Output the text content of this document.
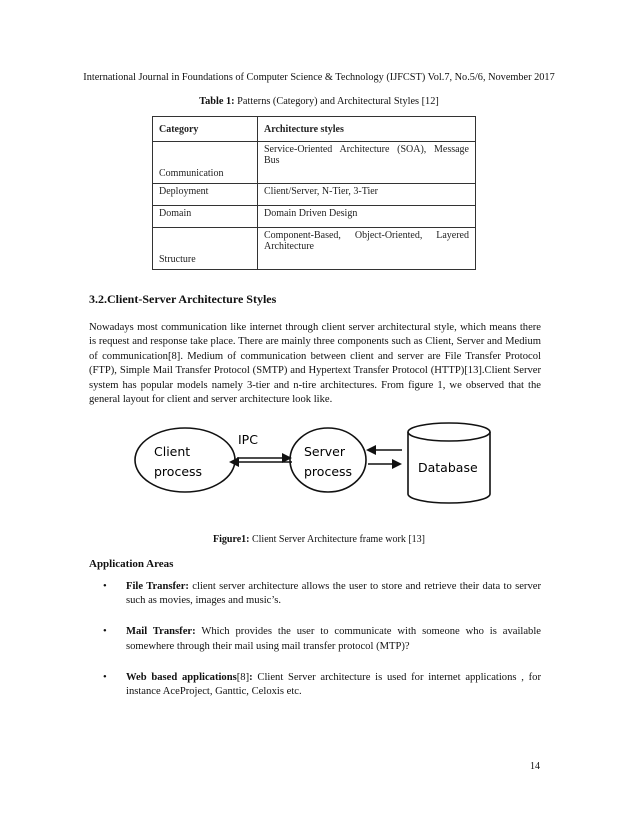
International Journal in Foundations of Computer Science & Technology (IJFCST) Vol.7, No.5/6, November 2017
Table 1: Patterns (Category) and Architectural Styles [12]
Category	Architecture styles
Communication	Service-Oriented Architecture (SOA), Message
Bus

Deployment	Client/Server, N-Tier, 3-Tier
Domain	Domain Driven Design
Structure	Component-Based, Object-Oriented, Layered
Architecture
3.2.Client-Server Architecture Styles

Nowadays most communication like internet through client server architectural style, which means there is request and response take place. There are mainly three components such as Client, Server and Medium of communication[8]. Medium of communication between client and server are File Transfer Protocol (FTP), Simple Mail Transfer Protocol (SMTP) and Hypertext Transfer Protocol (HTTP)[13].Client Server system has popular models namely 3-tier and n-tire architectures. From figure 1, we observed that the general layout for client and server architecture look like.

Client
process
IPC
Server
process	Database
Figure1: Client Server Architecture frame work [13]
Application Areas
• File Transfer: client server architecture allows the user to store and retrieve their data to server such as movies, images and music’s.
• Mail Transfer: Which provides the user to communicate with someone who is available somewhere through their mail using mail transfer protocol (MTP)?
• Web based applications[8]: Client Server architecture is used for internet applications , for instance AceProject, Ganttic, Celoxis etc.
14
